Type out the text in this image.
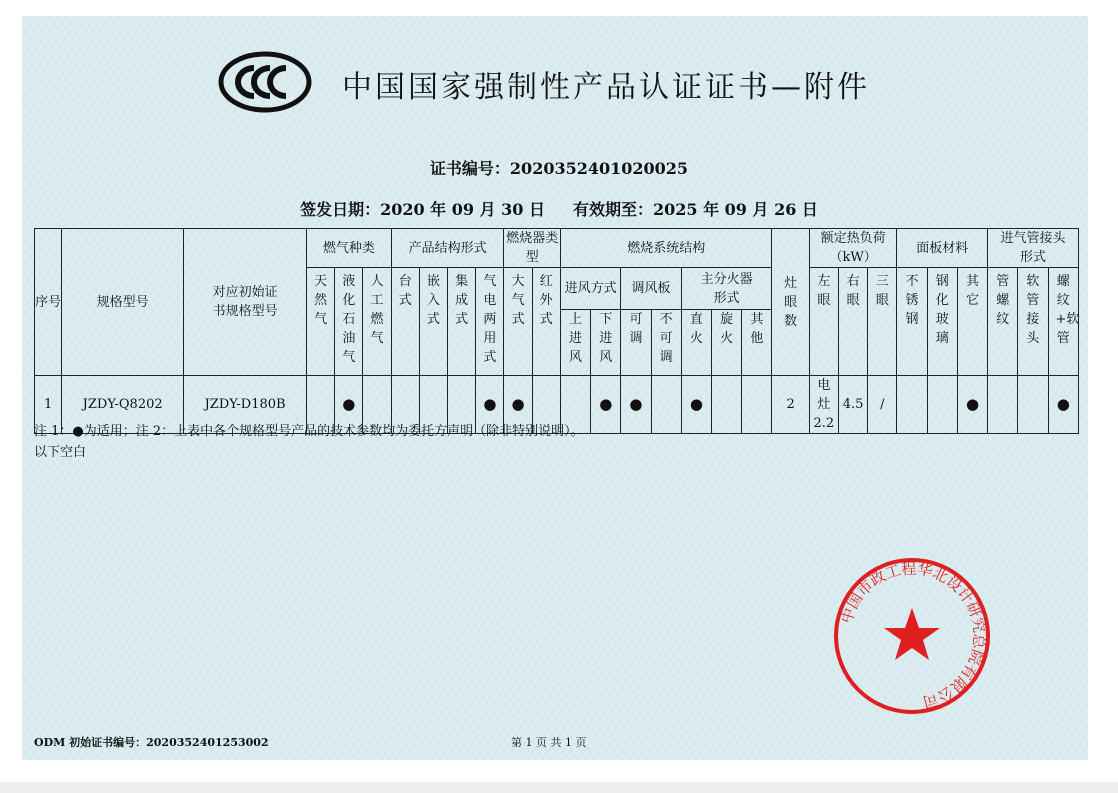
中国国家强制性产品认证证书—附件
证书编号：2020352401020025
签发日期：2020 年 09 月 30 日 有效期至：2025 年 09 月 26 日
序号	规格型号	对应初始证书规格型号	燃气种类			产品结构形式				燃烧器类型		燃烧系统结构							灶眼数	额定热负荷（kW）			面板材料			进气管接头形式		
			天然气	液化石油气	人工燃气	台式	嵌入式	集成式	气电两用式	大气式	红外式	进风方式		调风板		主分火器形式				左眼	右眼	三眼	不锈钢	钢化玻璃	其它	管螺纹	软管接头	螺纹+软管
												上进风	下进风	可调	不可调	直火	旋火	其他										

1	JZDY-Q8202	JZDY-D180B		●					●	●			●	●		●			2	电灶2.2	4.5	/			●			●
注 1：●为适用；注 2：上表中各个规格型号产品的技术参数均为委托方声明（除非特别说明）。
以下空白
中国市政工程华北设计研究总院有限公司
ODM 初始证书编号：2020352401253002	第 1 页 共 1 页
